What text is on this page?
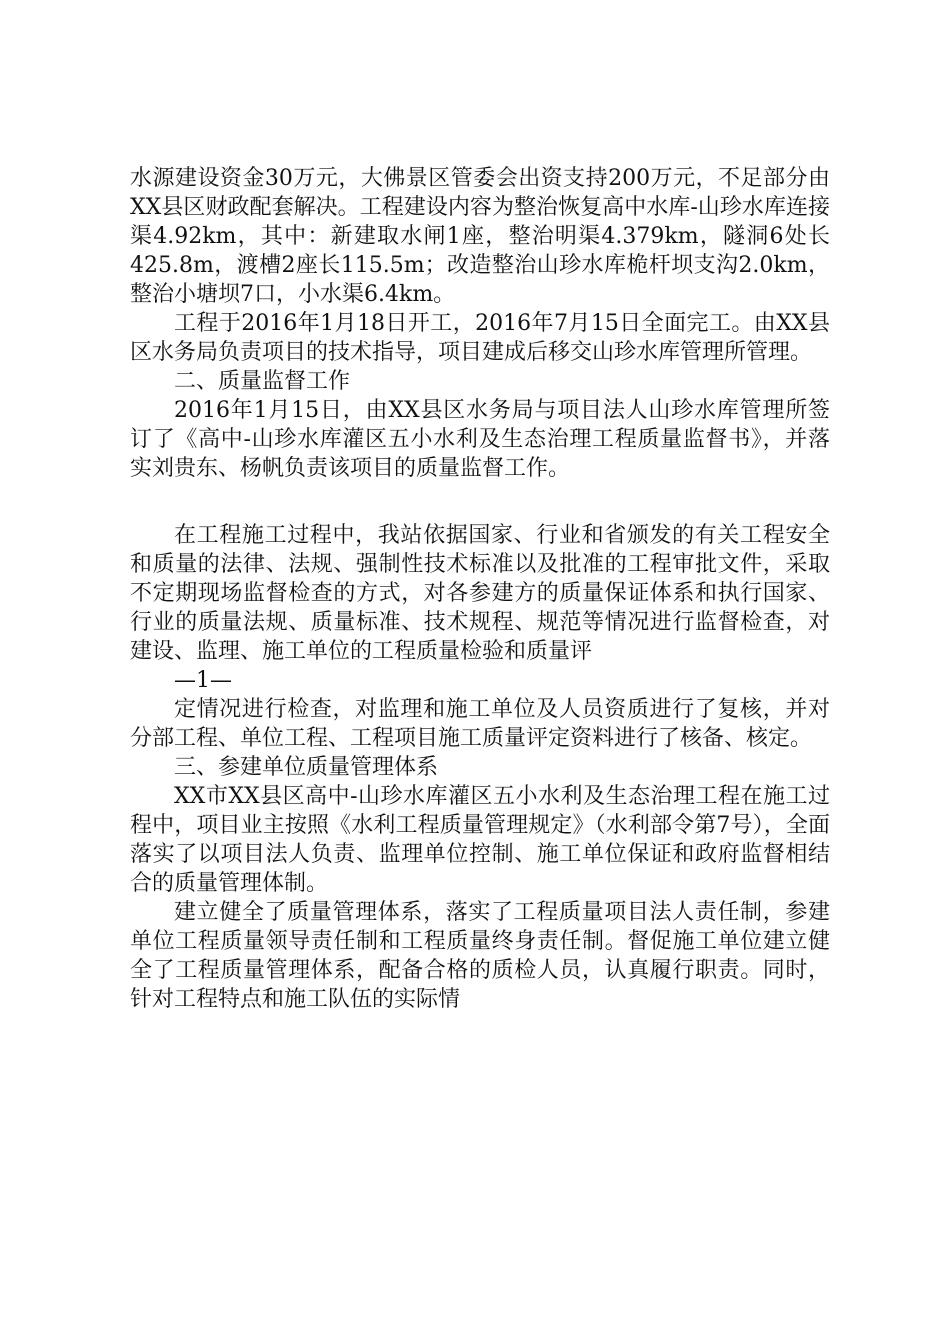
水源建设资金30万元，大佛景区管委会出资支持200万元，不足部分由XX县区财政配套解决。工程建设内容为整治恢复高中水库-山珍水库连接渠4.92km，其中：新建取水闸1座，整治明渠4.379km，隧洞6处长425.8m，渡槽2座长115.5m；改造整治山珍水库桅杆坝支沟2.0km，整治小塘坝7口，小水渠6.4km。

工程于2016年1月18日开工，2016年7月15日全面完工。由XX县区水务局负责项目的技术指导，项目建成后移交山珍水库管理所管理。

二、质量监督工作

2016年1月15日，由XX县区水务局与项目法人山珍水库管理所签订了《高中-山珍水库灌区五小水利及生态治理工程质量监督书》，并落实刘贵东、杨帆负责该项目的质量监督工作。

在工程施工过程中，我站依据国家、行业和省颁发的有关工程安全和质量的法律、法规、强制性技术标准以及批准的工程审批文件，采取不定期现场监督检查的方式，对各参建方的质量保证体系和执行国家、行业的质量法规、质量标准、技术规程、规范等情况进行监督检查，对建设、监理、施工单位的工程质量检验和质量评

—1—

定情况进行检查，对监理和施工单位及人员资质进行了复核，并对分部工程、单位工程、工程项目施工质量评定资料进行了核备、核定。

三、参建单位质量管理体系

XX市XX县区高中-山珍水库灌区五小水利及生态治理工程在施工过程中，项目业主按照《水利工程质量管理规定》（水利部令第7号），全面落实了以项目法人负责、监理单位控制、施工单位保证和政府监督相结合的质量管理体制。

建立健全了质量管理体系，落实了工程质量项目法人责任制，参建单位工程质量领导责任制和工程质量终身责任制。督促施工单位建立健全了工程质量管理体系，配备合格的质检人员，认真履行职责。同时，针对工程特点和施工队伍的实际情
